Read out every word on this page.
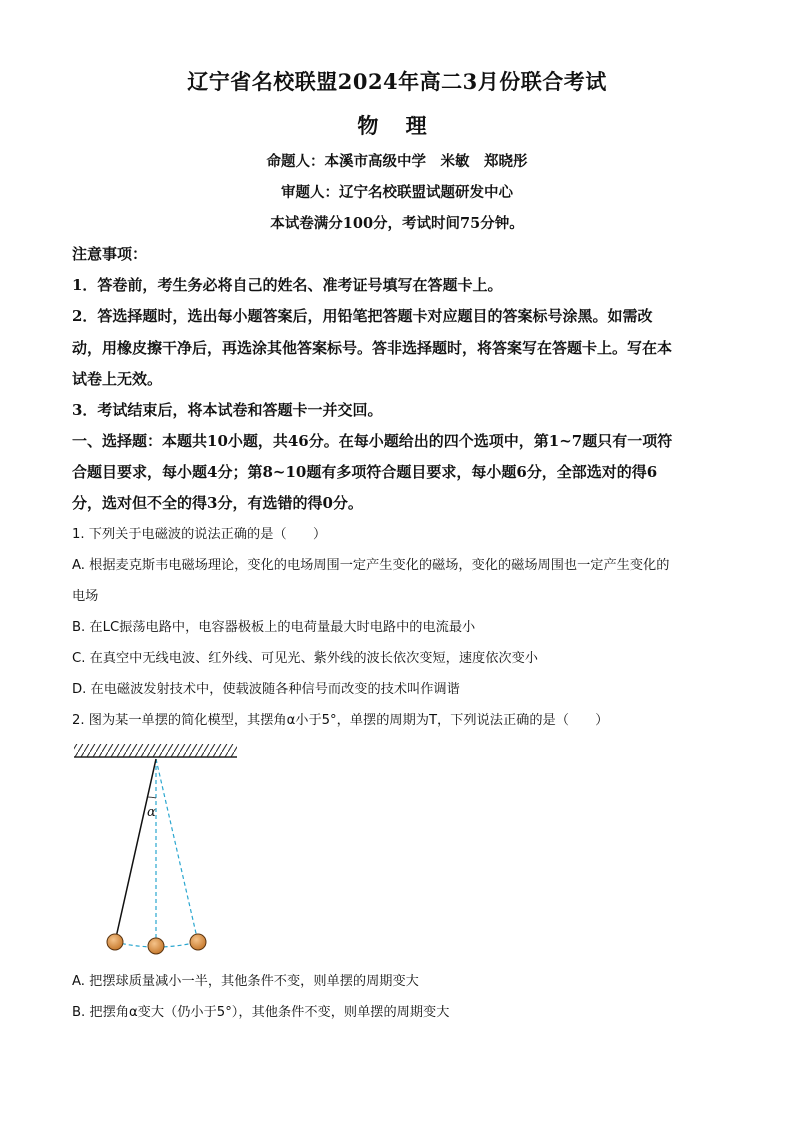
辽宁省名校联盟2024年高二3月份联合考试
物 理
命题人：本溪市高级中学　米敏　郑晓彤
审题人：辽宁名校联盟试题研发中心
本试卷满分100分，考试时间75分钟。
注意事项：
1．答卷前，考生务必将自己的姓名、准考证号填写在答题卡上。
2．答选择题时，选出每小题答案后，用铅笔把答题卡对应题目的答案标号涂黑。如需改
动，用橡皮擦干净后，再选涂其他答案标号。答非选择题时，将答案写在答题卡上。写在本
试卷上无效。
3．考试结束后，将本试卷和答题卡一并交回。
一、选择题：本题共10小题，共46分。在每小题给出的四个选项中，第1~7题只有一项符
合题目要求，每小题4分；第8~10题有多项符合题目要求，每小题6分，全部选对的得6
分，选对但不全的得3分，有选错的得0分。
1. 下列关于电磁波的说法正确的是（　　）
A. 根据麦克斯韦电磁场理论，变化的电场周围一定产生变化的磁场，变化的磁场周围也一定产生变化的
电场
B. 在LC振荡电路中，电容器极板上的电荷量最大时电路中的电流最小
C. 在真空中无线电波、红外线、可见光、紫外线的波长依次变短，速度依次变小
D. 在电磁波发射技术中，使载波随各种信号而改变的技术叫作调谐
2. 图为某一单摆的简化模型，其摆角α小于5°，单摆的周期为T，下列说法正确的是（　　）
α
A. 把摆球质量减小一半，其他条件不变，则单摆的周期变大
B. 把摆角α变大（仍小于5°），其他条件不变，则单摆的周期变大
